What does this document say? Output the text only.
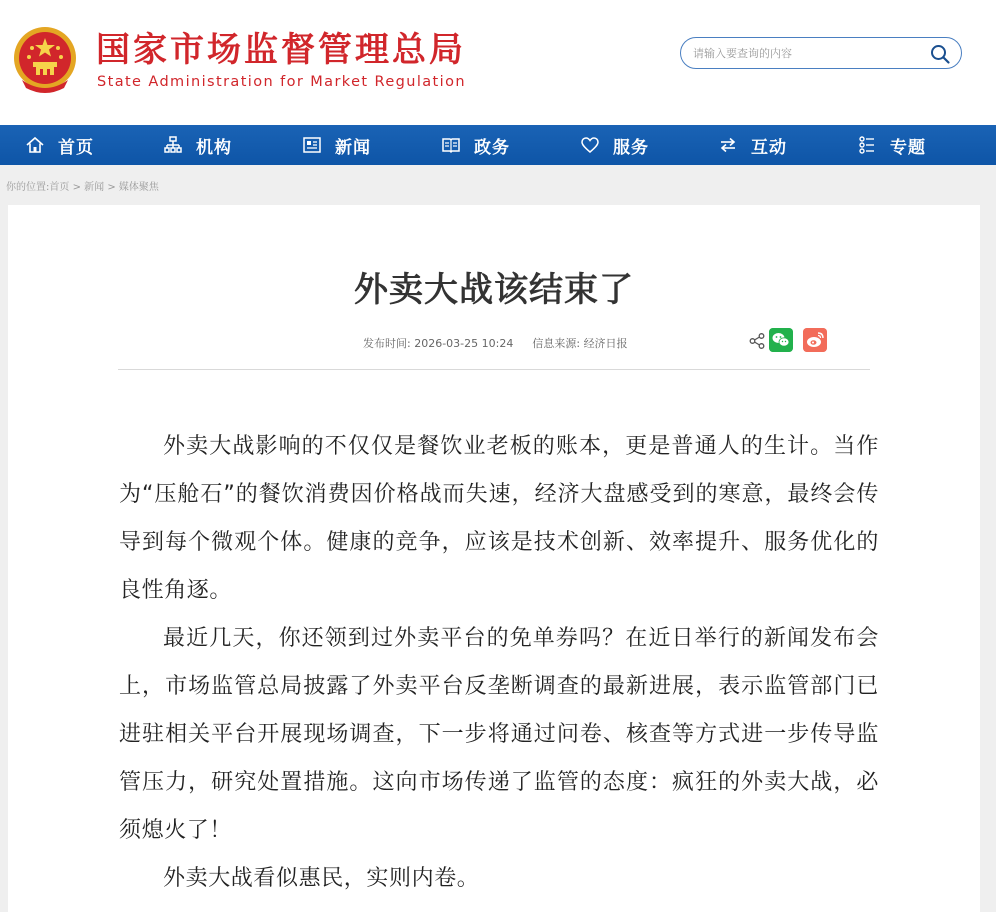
国家市场监督管理总局
State Administration for Market Regulation
请输入要查询的内容
首页	机构	新闻	政务	服务	互动	专题
你的位置:首页 > 新闻 > 媒体聚焦
外卖大战该结束了
发布时间: 2026-03-25 10:24 信息来源: 经济日报

外卖大战影响的不仅仅是餐饮业老板的账本，更是普通人的生计。当作为“压舱石”的餐饮消费因价格战而失速，经济大盘感受到的寒意，最终会传导到每个微观个体。健康的竞争，应该是技术创新、效率提升、服务优化的良性角逐。

最近几天，你还领到过外卖平台的免单券吗？在近日举行的新闻发布会上，市场监管总局披露了外卖平台反垄断调查的最新进展，表示监管部门已进驻相关平台开展现场调查，下一步将通过问卷、核查等方式进一步传导监管压力，研究处置措施。这向市场传递了监管的态度：疯狂的外卖大战，必须熄火了！

外卖大战看似惠民，实则内卷。
